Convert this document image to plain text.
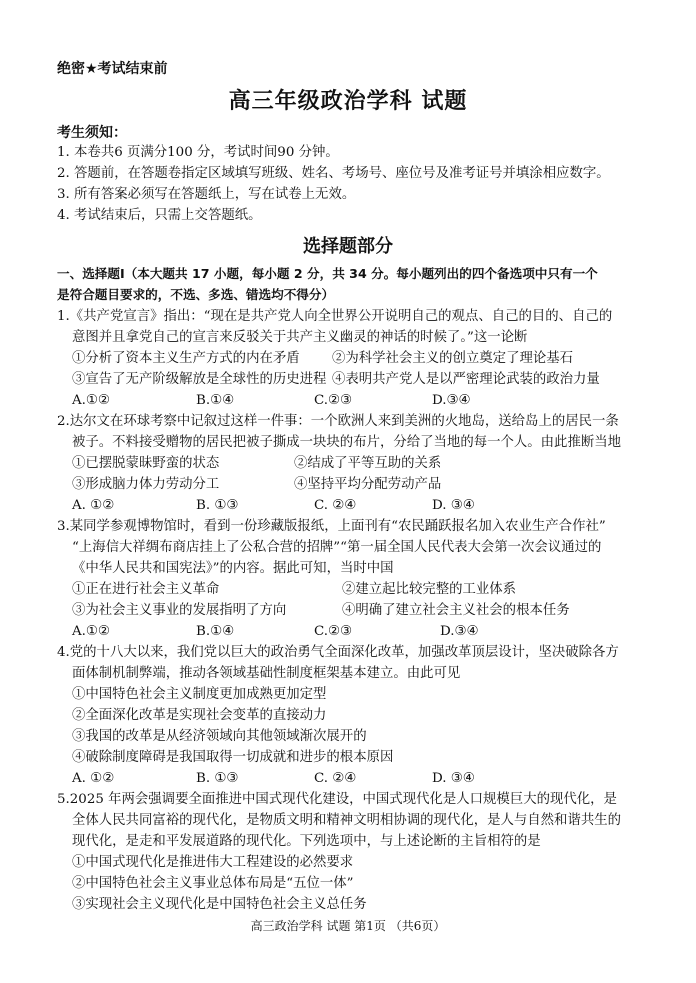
绝密★考试结束前
高三年级政治学科 试题
考生须知：
1. 本卷共6 页满分100 分，考试时间90 分钟。
2. 答题前，在答题卷指定区域填写班级、姓名、考场号、座位号及准考证号并填涂相应数字。
3. 所有答案必须写在答题纸上，写在试卷上无效。
4. 考试结束后，只需上交答题纸。
选择题部分
一、选择题Ⅰ（本大题共 17 小题，每小题 2 分，共 34 分。每小题列出的四个备选项中只有一个
是符合题目要求的，不选、多选、错选均不得分）
1.《共产党宣言》指出：“现在是共产党人向全世界公开说明自己的观点、自己的目的、自己的
意图并且拿党自己的宣言来反驳关于共产主义幽灵的神话的时候了。”这一论断
①分析了资本主义生产方式的内在矛盾 ②为科学社会主义的创立奠定了理论基石
③宣告了无产阶级解放是全球性的历史进程 ④表明共产党人是以严密理论武装的政治力量
A.①②	B.①④	C.②③	D.③④
2.达尔文在环球考察中记叙过这样一件事：一个欧洲人来到美洲的火地岛，送给岛上的居民一条
被子。不料接受赠物的居民把被子撕成一块块的布片，分给了当地的每一个人。由此推断当地
①已摆脱蒙昧野蛮的状态	②结成了平等互助的关系
③形成脑力体力劳动分工	④坚持平均分配劳动产品
A. ①②	B. ①③	C. ②④	D. ③④
3.某同学参观博物馆时，看到一份珍藏版报纸，上面刊有“农民踊跃报名加入农业生产合作社”
“上海信大祥绸布商店挂上了公私合营的招牌”“第一届全国人民代表大会第一次会议通过的
《中华人民共和国宪法》”的内容。据此可知，当时中国
①正在进行社会主义革命	②建立起比较完整的工业体系
③为社会主义事业的发展指明了方向	④明确了建立社会主义社会的根本任务
A.①②	B.①④	C.②③	D.③④
4.党的十八大以来，我们党以巨大的政治勇气全面深化改革，加强改革顶层设计，坚决破除各方
面体制机制弊端，推动各领域基础性制度框架基本建立。由此可见
①中国特色社会主义制度更加成熟更加定型
②全面深化改革是实现社会变革的直接动力
③我国的改革是从经济领域向其他领域渐次展开的
④破除制度障碍是我国取得一切成就和进步的根本原因
A. ①②	B. ①③	C. ②④	D. ③④
5.2025 年两会强调要全面推进中国式现代化建设，中国式现代化是人口规模巨大的现代化，是
全体人民共同富裕的现代化，是物质文明和精神文明相协调的现代化，是人与自然和谐共生的
现代化，是走和平发展道路的现代化。下列选项中，与上述论断的主旨相符的是
①中国式现代化是推进伟大工程建设的必然要求
②中国特色社会主义事业总体布局是“五位一体”
③实现社会主义现代化是中国特色社会主义总任务
高三政治学科 试题 第1页 （共6页）
